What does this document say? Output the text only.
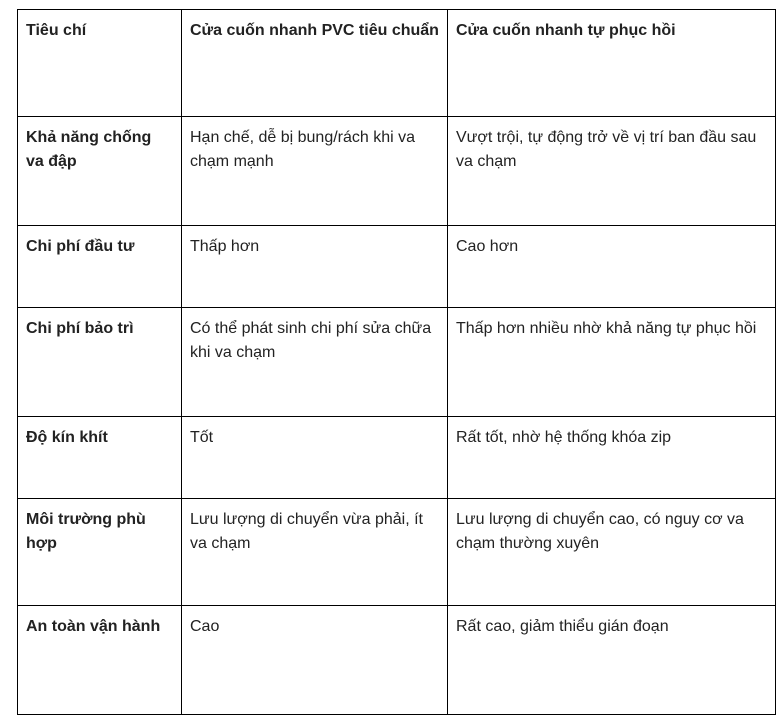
Tiêu chí	Cửa cuốn nhanh PVC tiêu chuẩn	Cửa cuốn nhanh tự phục hồi
Khả năng chống va đập	Hạn chế, dễ bị bung/rách khi va chạm mạnh	Vượt trội, tự động trở về vị trí ban đầu sau va chạm
Chi phí đầu tư	Thấp hơn	Cao hơn
Chi phí bảo trì	Có thể phát sinh chi phí sửa chữa khi va chạm	Thấp hơn nhiều nhờ khả năng tự phục hồi
Độ kín khít	Tốt	Rất tốt, nhờ hệ thống khóa zip
Môi trường phù hợp	Lưu lượng di chuyển vừa phải, ít va chạm	Lưu lượng di chuyển cao, có nguy cơ va chạm thường xuyên
An toàn vận hành	Cao	Rất cao, giảm thiểu gián đoạn
